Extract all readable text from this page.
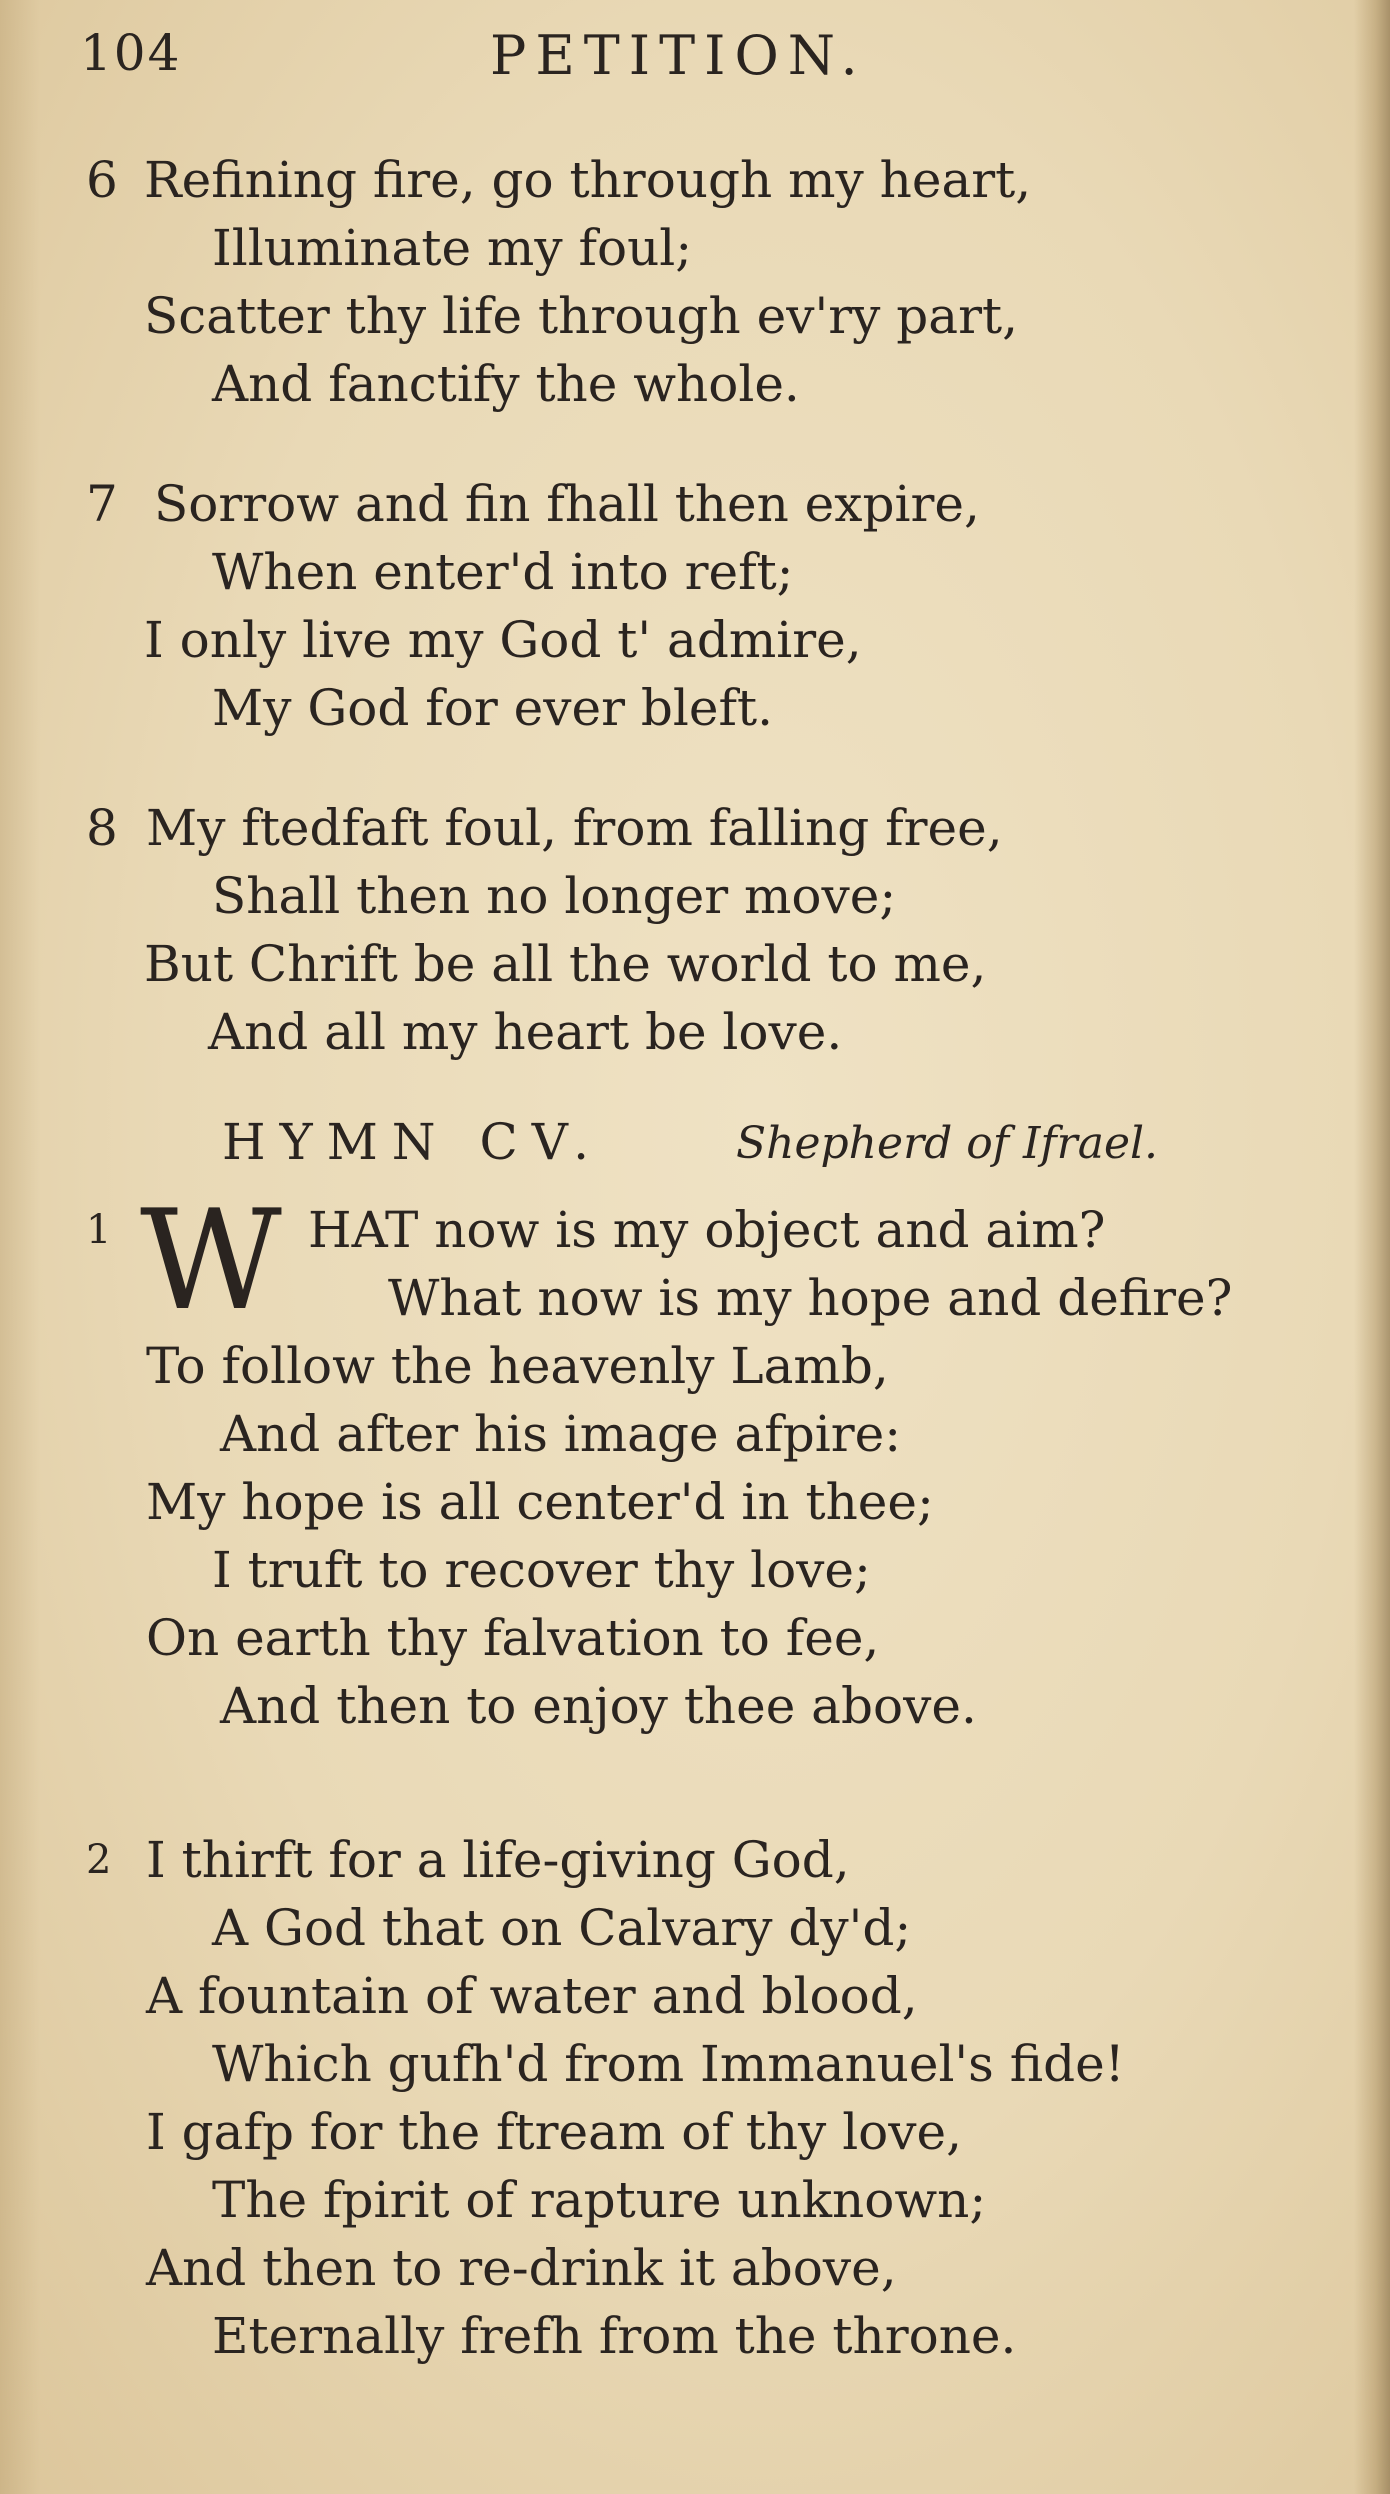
104	PETITION.
6 Refining fire, go through my heart,
Illuminate my foul;
Scatter thy life through ev'ry part,
And fanctify the whole.
7 Sorrow and fin fhall then expire,
When enter'd into reft;
I only live my God t' admire,
My God for ever bleft.
8 My ftedfaft foul, from falling free,
Shall then no longer move;
But Chrift be all the world to me,
And all my heart be love.
HYMN CV.	Shepherd of Ifrael.
1	HAT now is my object and aim?
What now is my hope and defire?
To follow the heavenly Lamb,
And after his image afpire:
My hope is all center'd in thee;
I truft to recover thy love;
On earth thy falvation to fee,
And then to enjoy thee above.
W
2 I thirft for a life-giving God,
A God that on Calvary dy'd;
A fountain of water and blood,
Which gufh'd from Immanuel's fide!
I gafp for the ftream of thy love,
The fpirit of rapture unknown;
And then to re-drink it above,
Eternally frefh from the throne.
